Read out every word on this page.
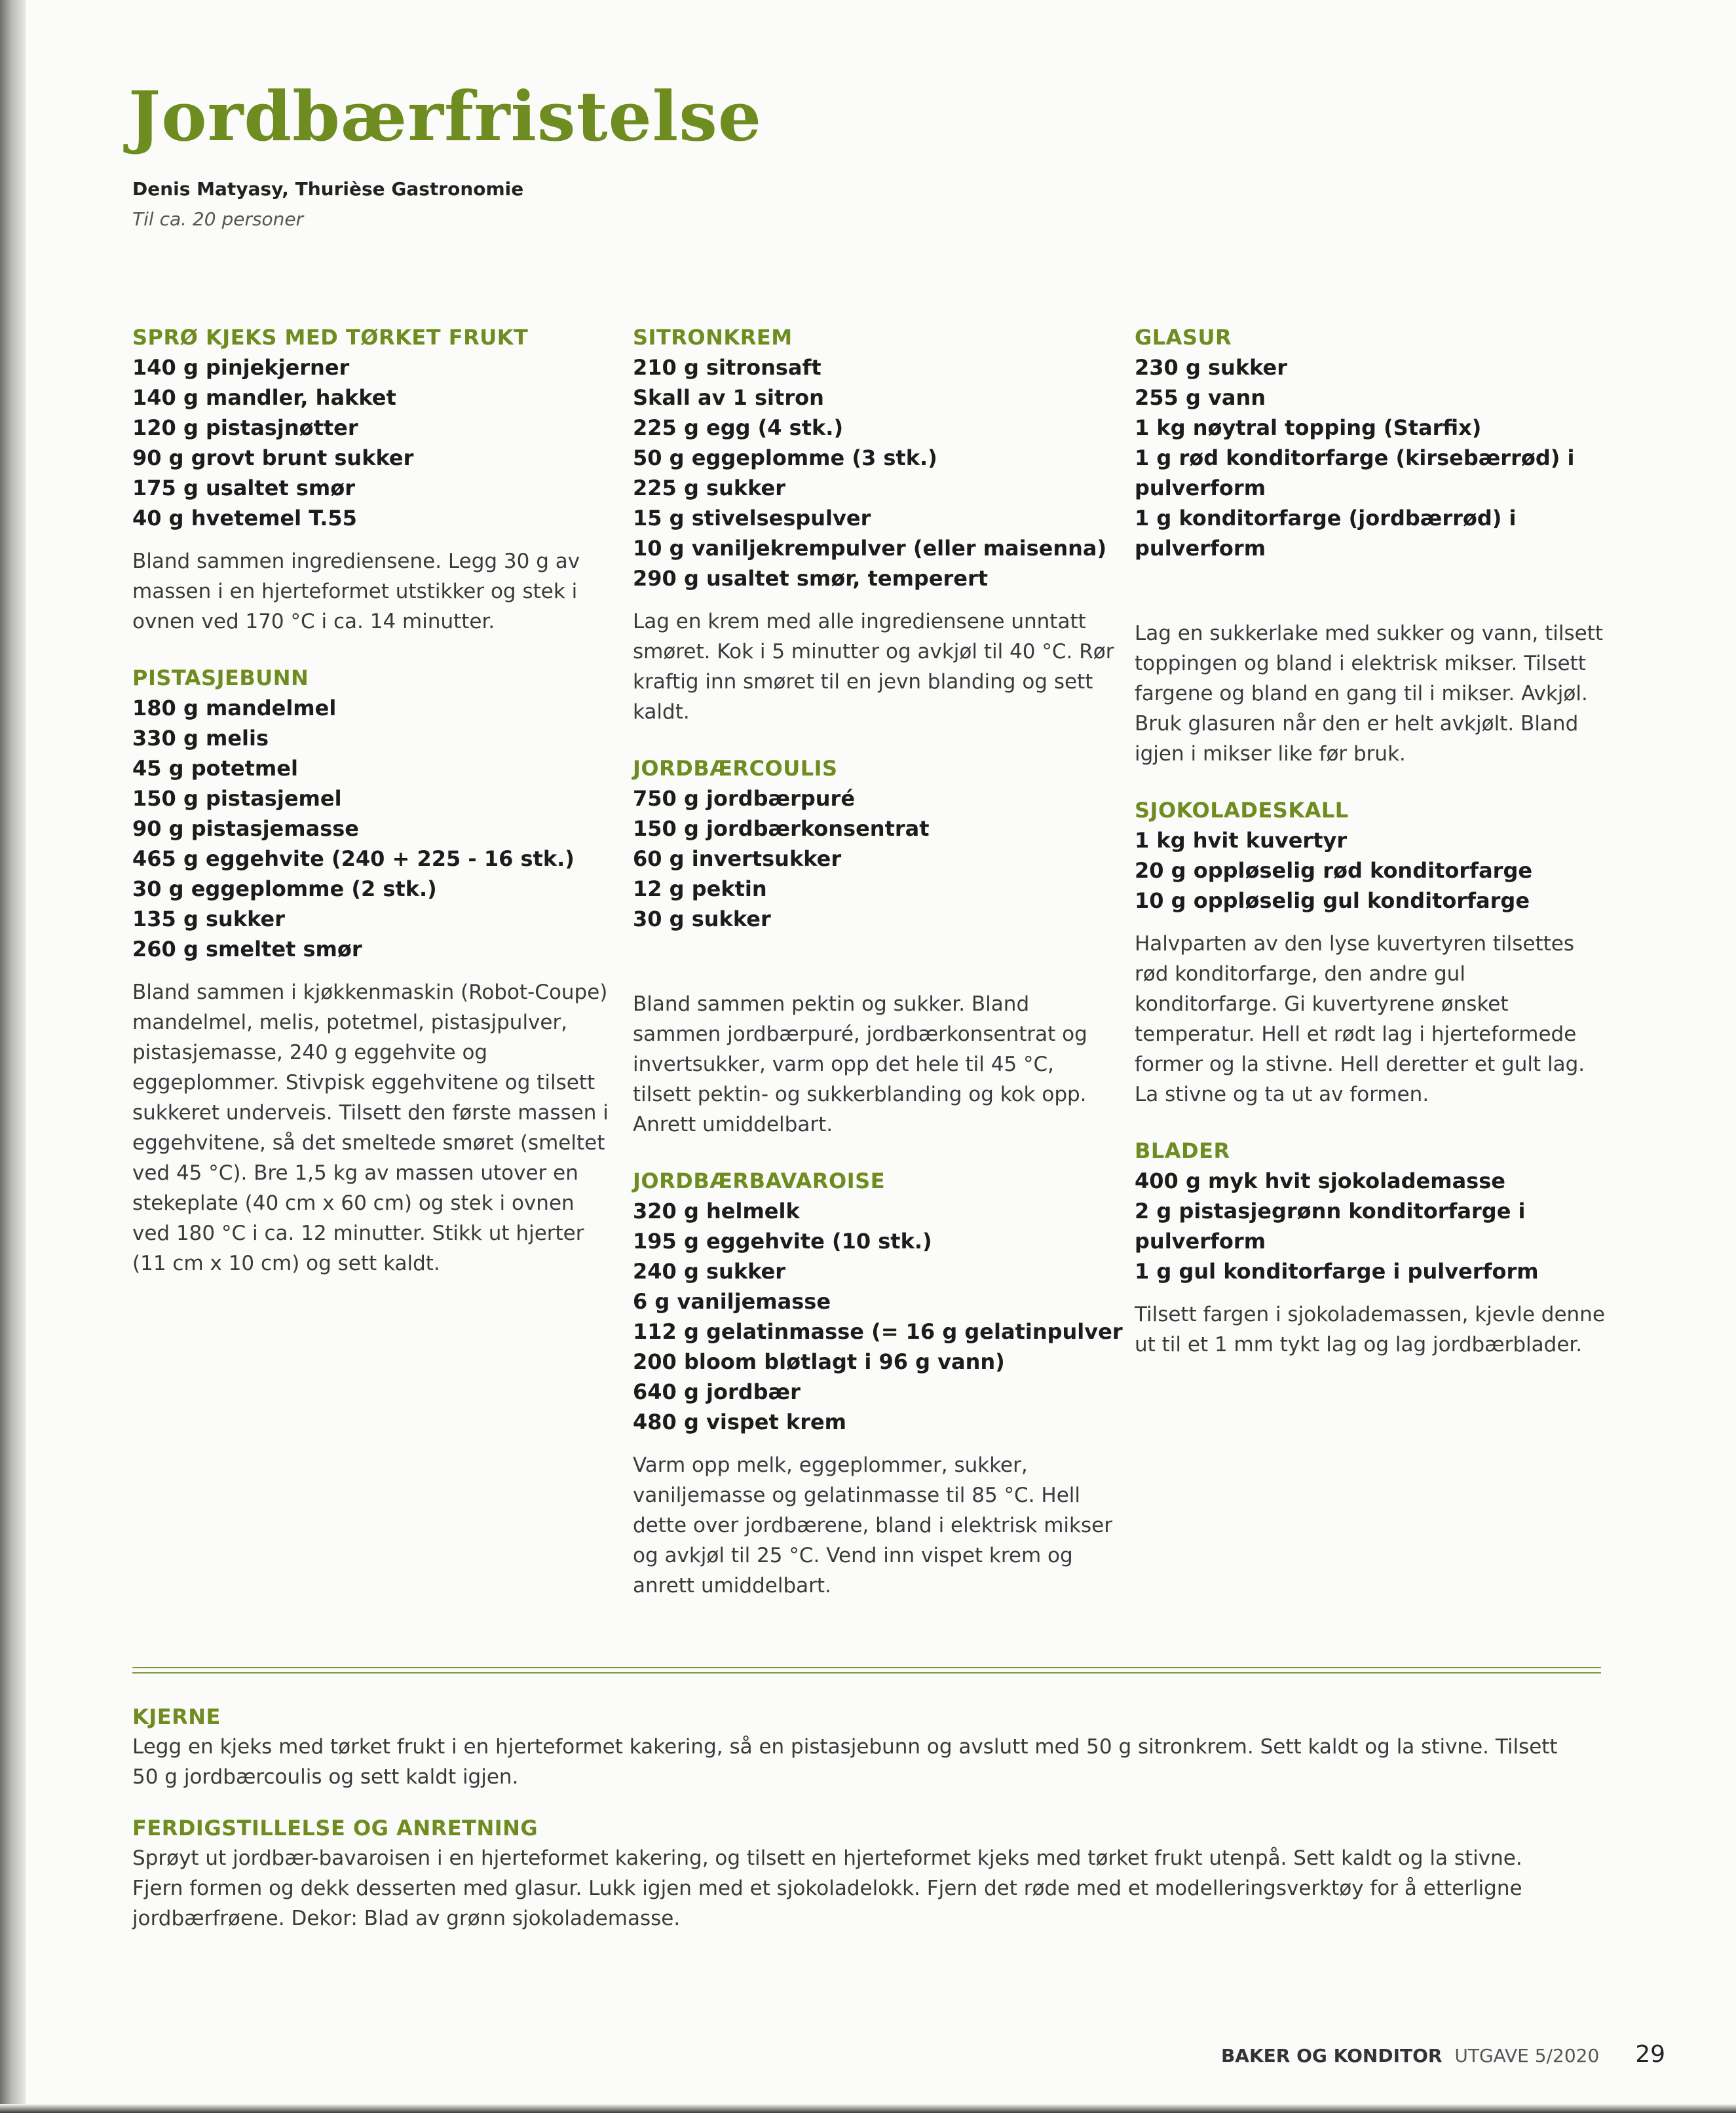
Jordbærfristelse
Denis Matyasy, Thurièse Gastronomie
Til ca. 20 personer
SPRØ KJEKS MED TØRKET FRUKT
140 g pinjekjerner
140 g mandler, hakket
120 g pistasjnøtter
90 g grovt brunt sukker
175 g usaltet smør
40 g hvetemel T.55

Bland sammen ingrediensene. Legg 30 g av massen i en hjerteformet utstikker og stek i ovnen ved 170 °C i ca. 14 minutter.

PISTASJEBUNN
180 g mandelmel
330 g melis
45 g potetmel
150 g pistasjemel
90 g pistasjemasse
465 g eggehvite (240 + 225 - 16 stk.)
30 g eggeplomme (2 stk.)
135 g sukker
260 g smeltet smør

Bland sammen i kjøkkenmaskin (Robot-Coupe) mandelmel, melis, potetmel, pistasjpulver, pistasjemasse, 240 g eggehvite og eggeplommer. Stivpisk eggehvitene og tilsett sukkeret underveis. Tilsett den første massen i eggehvitene, så det smeltede smøret (smeltet ved 45 °C). Bre 1,5 kg av massen utover en stekeplate (40 cm x 60 cm) og stek i ovnen ved 180 °C i ca. 12 minutter. Stikk ut hjerter (11 cm x 10 cm) og sett kaldt.

SITRONKREM
210 g sitronsaft
Skall av 1 sitron
225 g egg (4 stk.)
50 g eggeplomme (3 stk.)
225 g sukker
15 g stivelsespulver
10 g vaniljekrempulver (eller maisenna)
290 g usaltet smør, temperert

Lag en krem med alle ingrediensene unntatt smøret. Kok i 5 minutter og avkjøl til 40 °C. Rør kraftig inn smøret til en jevn blanding og sett kaldt.

JORDBÆRCOULIS
750 g jordbærpuré
150 g jordbærkonsentrat
60 g invertsukker
12 g pektin
30 g sukker

Bland sammen pektin og sukker. Bland sammen jordbærpuré, jordbærkonsentrat og invertsukker, varm opp det hele til 45 °C, tilsett pektin- og sukkerblanding og kok opp. Anrett umiddelbart.

JORDBÆRBAVAROISE
320 g helmelk
195 g eggehvite (10 stk.)
240 g sukker
6 g vaniljemasse
112 g gelatinmasse (= 16 g gelatinpulver
200 bloom bløtlagt i 96 g vann)
640 g jordbær
480 g vispet krem

Varm opp melk, eggeplommer, sukker, vaniljemasse og gelatinmasse til 85 °C. Hell dette over jordbærene, bland i elektrisk mikser og avkjøl til 25 °C. Vend inn vispet krem og anrett umiddelbart.

GLASUR
230 g sukker
255 g vann
1 kg nøytral topping (Starfix)
1 g rød konditorfarge (kirsebærrød) i pulverform
1 g konditorfarge (jordbærrød) i pulverform

Lag en sukkerlake med sukker og vann, tilsett toppingen og bland i elektrisk mikser. Tilsett fargene og bland en gang til i mikser. Avkjøl. Bruk glasuren når den er helt avkjølt. Bland igjen i mikser like før bruk.

SJOKOLADESKALL
1 kg hvit kuvertyr
20 g oppløselig rød konditorfarge
10 g oppløselig gul konditorfarge

Halvparten av den lyse kuvertyren tilsettes rød konditorfarge, den andre gul konditorfarge. Gi kuvertyrene ønsket temperatur. Hell et rødt lag i hjerteformede former og la stivne. Hell deretter et gult lag. La stivne og ta ut av formen.

BLADER
400 g myk hvit sjokolademasse
2 g pistasjegrønn konditorfarge i pulverform
1 g gul konditorfarge i pulverform

Tilsett fargen i sjokolademassen, kjevle denne ut til et 1 mm tykt lag og lag jordbærblader.

KJERNE

Legg en kjeks med tørket frukt i en hjerteformet kakering, så en pistasjebunn og avslutt med 50 g sitronkrem. Sett kaldt og la stivne. Tilsett 50 g jordbærcoulis og sett kaldt igjen.

FERDIGSTILLELSE OG ANRETNING

Sprøyt ut jordbær-bavaroisen i en hjerteformet kakering, og tilsett en hjerteformet kjeks med tørket frukt utenpå. Sett kaldt og la stivne.

Fjern formen og dekk desserten med glasur. Lukk igjen med et sjokoladelokk. Fjern det røde med et modelleringsverktøy for å etterligne jordbærfrøene. Dekor: Blad av grønn sjokolademasse.

BAKER OG KONDITOR UTGAVE 5/2020 29
